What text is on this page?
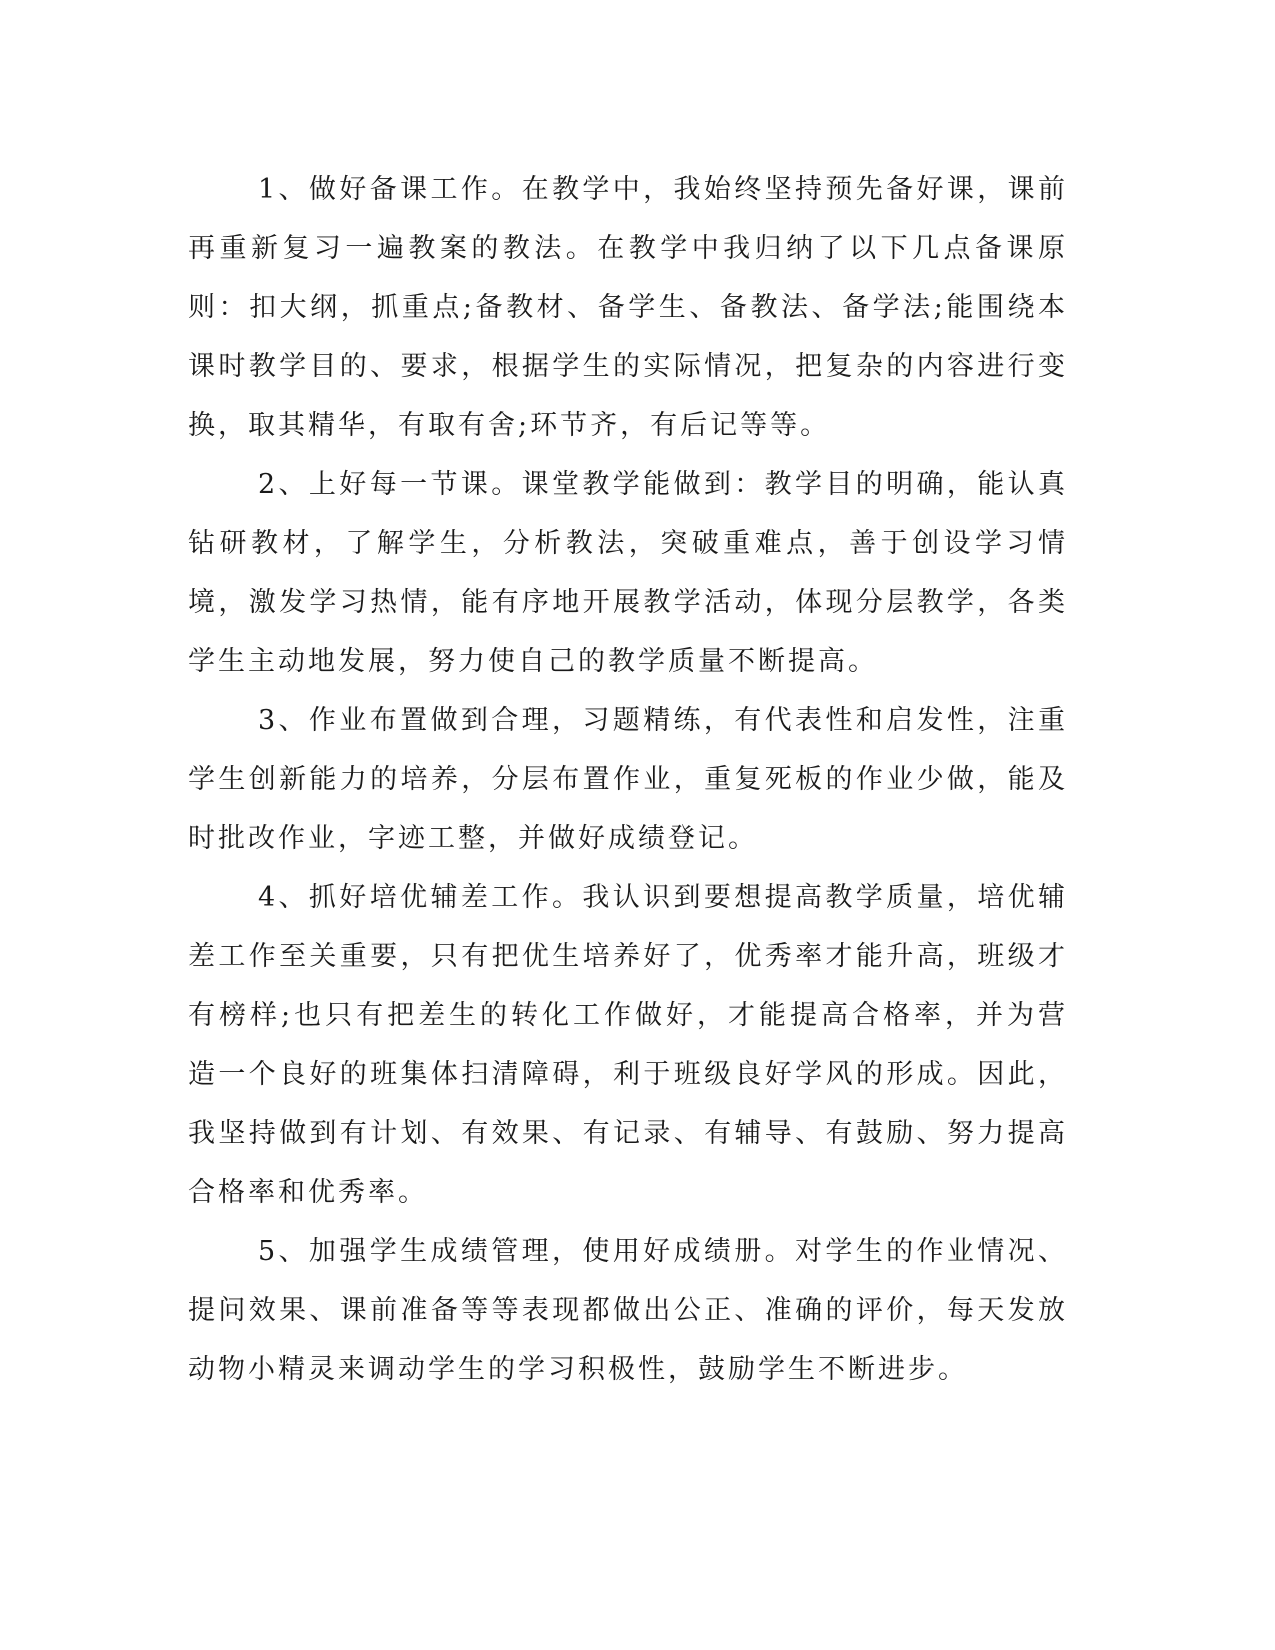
1、做好备课工作。在教学中，我始终坚持预先备好课，课前再重新复习一遍教案的教法。在教学中我归纳了以下几点备课原则：扣大纲，抓重点;备教材、备学生、备教法、备学法;能围绕本课时教学目的、要求，根据学生的实际情况，把复杂的内容进行变换，取其精华，有取有舍;环节齐，有后记等等。

2、上好每一节课。课堂教学能做到：教学目的明确，能认真钻研教材，了解学生，分析教法，突破重难点，善于创设学习情境，激发学习热情，能有序地开展教学活动，体现分层教学，各类学生主动地发展，努力使自己的教学质量不断提高。

3、作业布置做到合理，习题精练，有代表性和启发性，注重学生创新能力的培养，分层布置作业，重复死板的作业少做，能及时批改作业，字迹工整，并做好成绩登记。

4、抓好培优辅差工作。我认识到要想提高教学质量，培优辅差工作至关重要，只有把优生培养好了，优秀率才能升高，班级才有榜样;也只有把差生的转化工作做好，才能提高合格率，并为营造一个良好的班集体扫清障碍，利于班级良好学风的形成。因此，我坚持做到有计划、有效果、有记录、有辅导、有鼓励、努力提高合格率和优秀率。

5、加强学生成绩管理，使用好成绩册。对学生的作业情况、提问效果、课前准备等等表现都做出公正、准确的评价，每天发放动物小精灵来调动学生的学习积极性，鼓励学生不断进步。
